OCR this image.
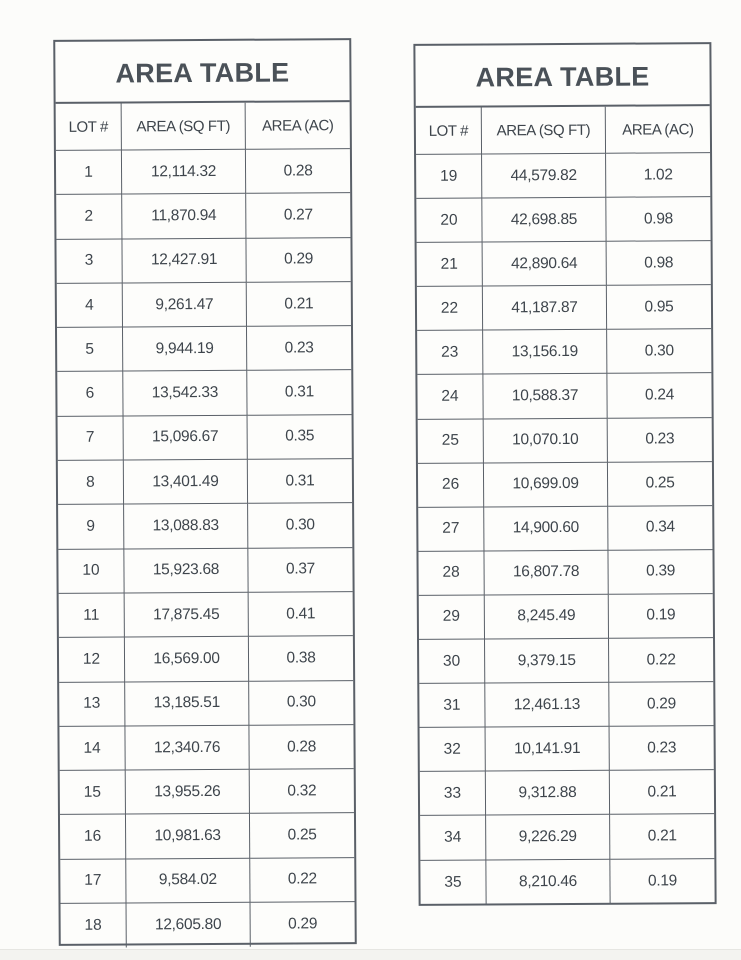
AREA TABLE
LOT #	AREA (SQ FT)	AREA (AC)
1	12,114.32	0.28
2	11,870.94	0.27
3	12,427.91	0.29
4	9,261.47	0.21
5	9,944.19	0.23
6	13,542.33	0.31
7	15,096.67	0.35
8	13,401.49	0.31
9	13,088.83	0.30
10	15,923.68	0.37
11	17,875.45	0.41
12	16,569.00	0.38
13	13,185.51	0.30
14	12,340.76	0.28
15	13,955.26	0.32
16	10,981.63	0.25
17	9,584.02	0.22
18	12,605.80	0.29
AREA TABLE
LOT #	AREA (SQ FT)	AREA (AC)
19	44,579.82	1.02
20	42,698.85	0.98
21	42,890.64	0.98
22	41,187.87	0.95
23	13,156.19	0.30
24	10,588.37	0.24
25	10,070.10	0.23
26	10,699.09	0.25
27	14,900.60	0.34
28	16,807.78	0.39
29	8,245.49	0.19
30	9,379.15	0.22
31	12,461.13	0.29
32	10,141.91	0.23
33	9,312.88	0.21
34	9,226.29	0.21
35	8,210.46	0.19
